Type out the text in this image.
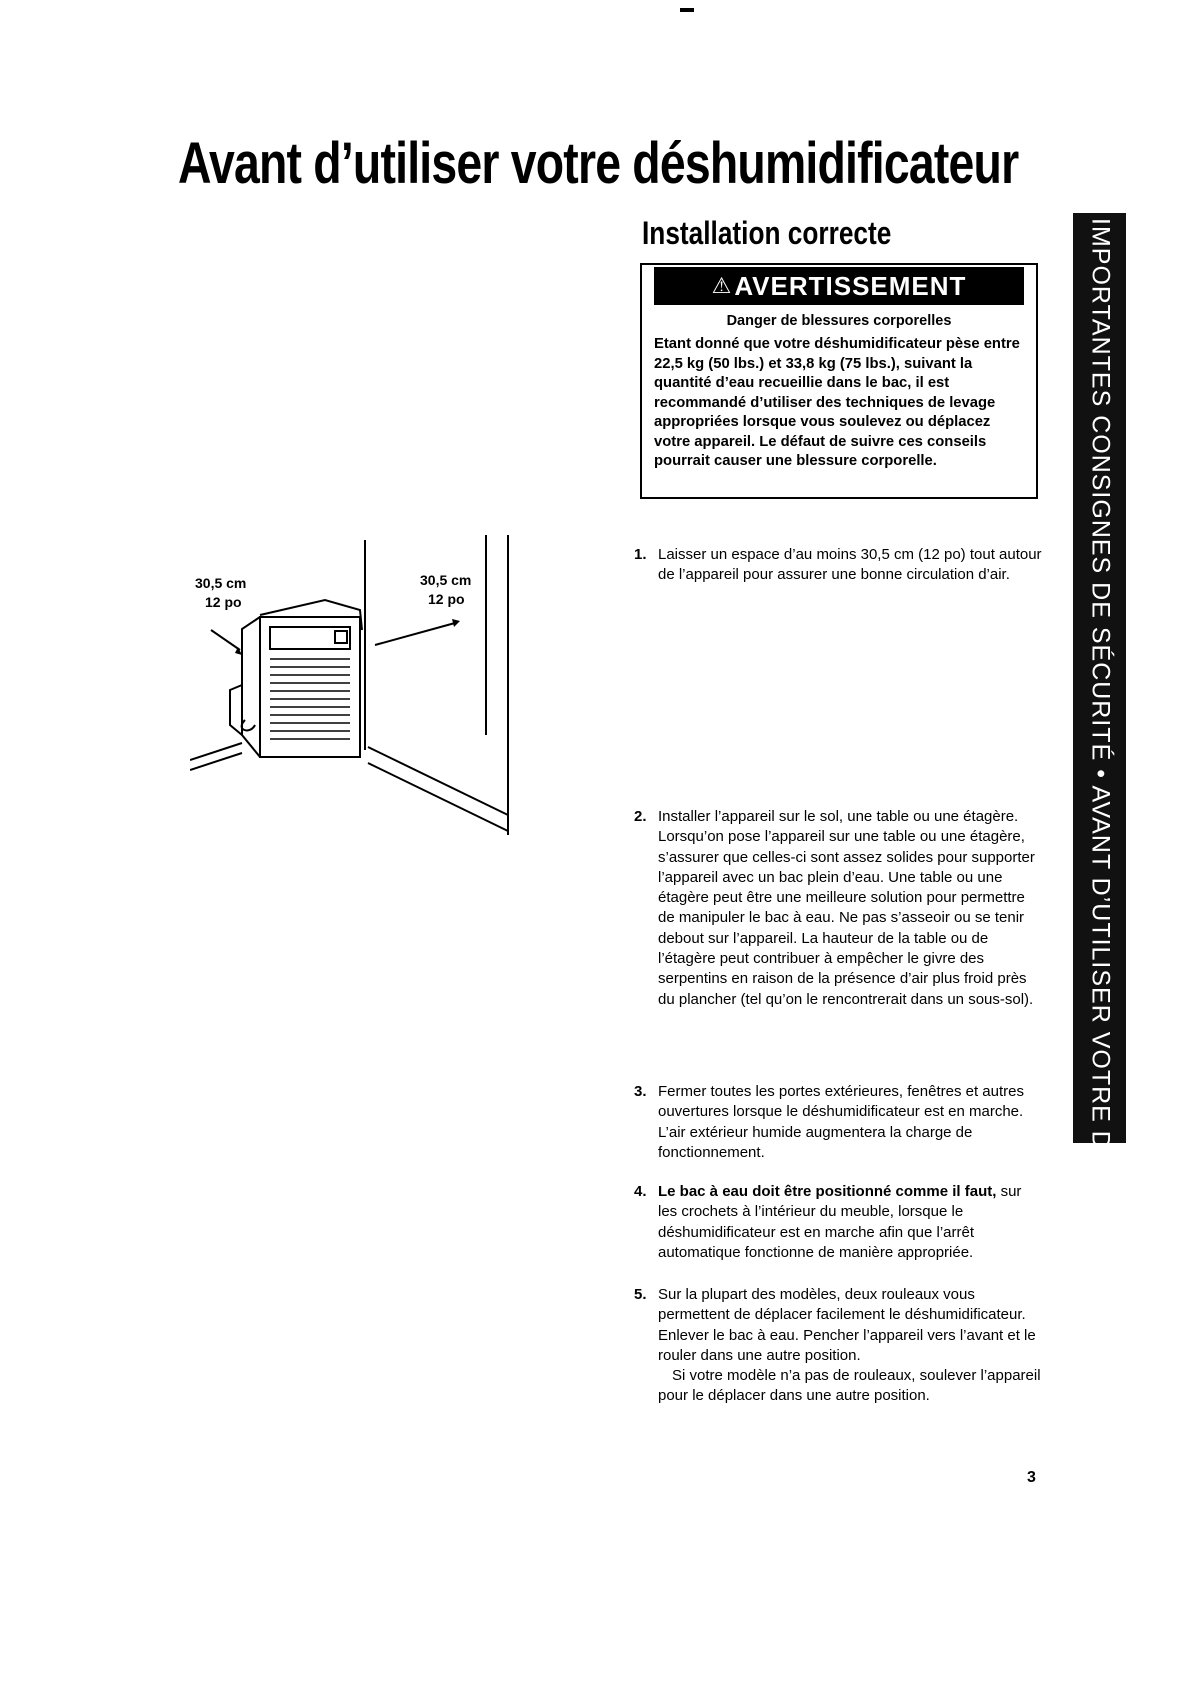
Avant d’utiliser votre déshumidificateur
Installation correcte
⚠ AVERTISSEMENT
Danger de blessures corporelles

Etant donné que votre déshumidificateur pèse entre 22,5 kg (50 lbs.) et 33,8 kg (75 lbs.), suivant la quantité d’eau recueillie dans le bac, il est recommandé d’utiliser des techniques de levage appropriées lorsque vous soulevez ou déplacez votre appareil. Le défaut de suivre ces conseils pourrait causer une blessure corporelle.	IMPORTANTES CONSIGNES DE SÉCURITÉ • AVANT D’UTILISER VOTRE DÉSHUMIDIFICATEUR
30,5 cm
12 po
30,5 cm
12 po
1. Laisser un espace d’au moins 30,5 cm (12 po) tout autour de l’appareil pour assurer une bonne circulation d’air.
2. Installer l’appareil sur le sol, une table ou une étagère. Lorsqu’on pose l’appareil sur une table ou une étagère, s’assurer que celles-ci sont assez solides pour supporter l’appareil avec un bac plein d’eau. Une table ou une étagère peut être une meilleure solution pour permettre de manipuler le bac à eau. Ne pas s’asseoir ou se tenir debout sur l’appareil. La hauteur de la table ou de l’étagère peut contribuer à empêcher le givre des serpentins en raison de la présence d’air plus froid près du plancher (tel qu’on le rencontrerait dans un sous-sol).
3. Fermer toutes les portes extérieures, fenêtres et autres ouvertures lorsque le déshumidificateur est en marche. L’air extérieur humide augmentera la charge de fonctionnement.
4. Le bac à eau doit être positionné comme il faut, sur les crochets à l’intérieur du meuble, lorsque le déshumidificateur est en marche afin que l’arrêt automatique fonctionne de manière appropriée.
5. Sur la plupart des modèles, deux rouleaux vous permettent de déplacer facilement le déshumidificateur. Enlever le bac à eau. Pencher l’appareil vers l’avant et le rouler dans une autre position.
Si votre modèle n’a pas de rouleaux, soulever l’appareil pour le déplacer dans une autre position.
3
